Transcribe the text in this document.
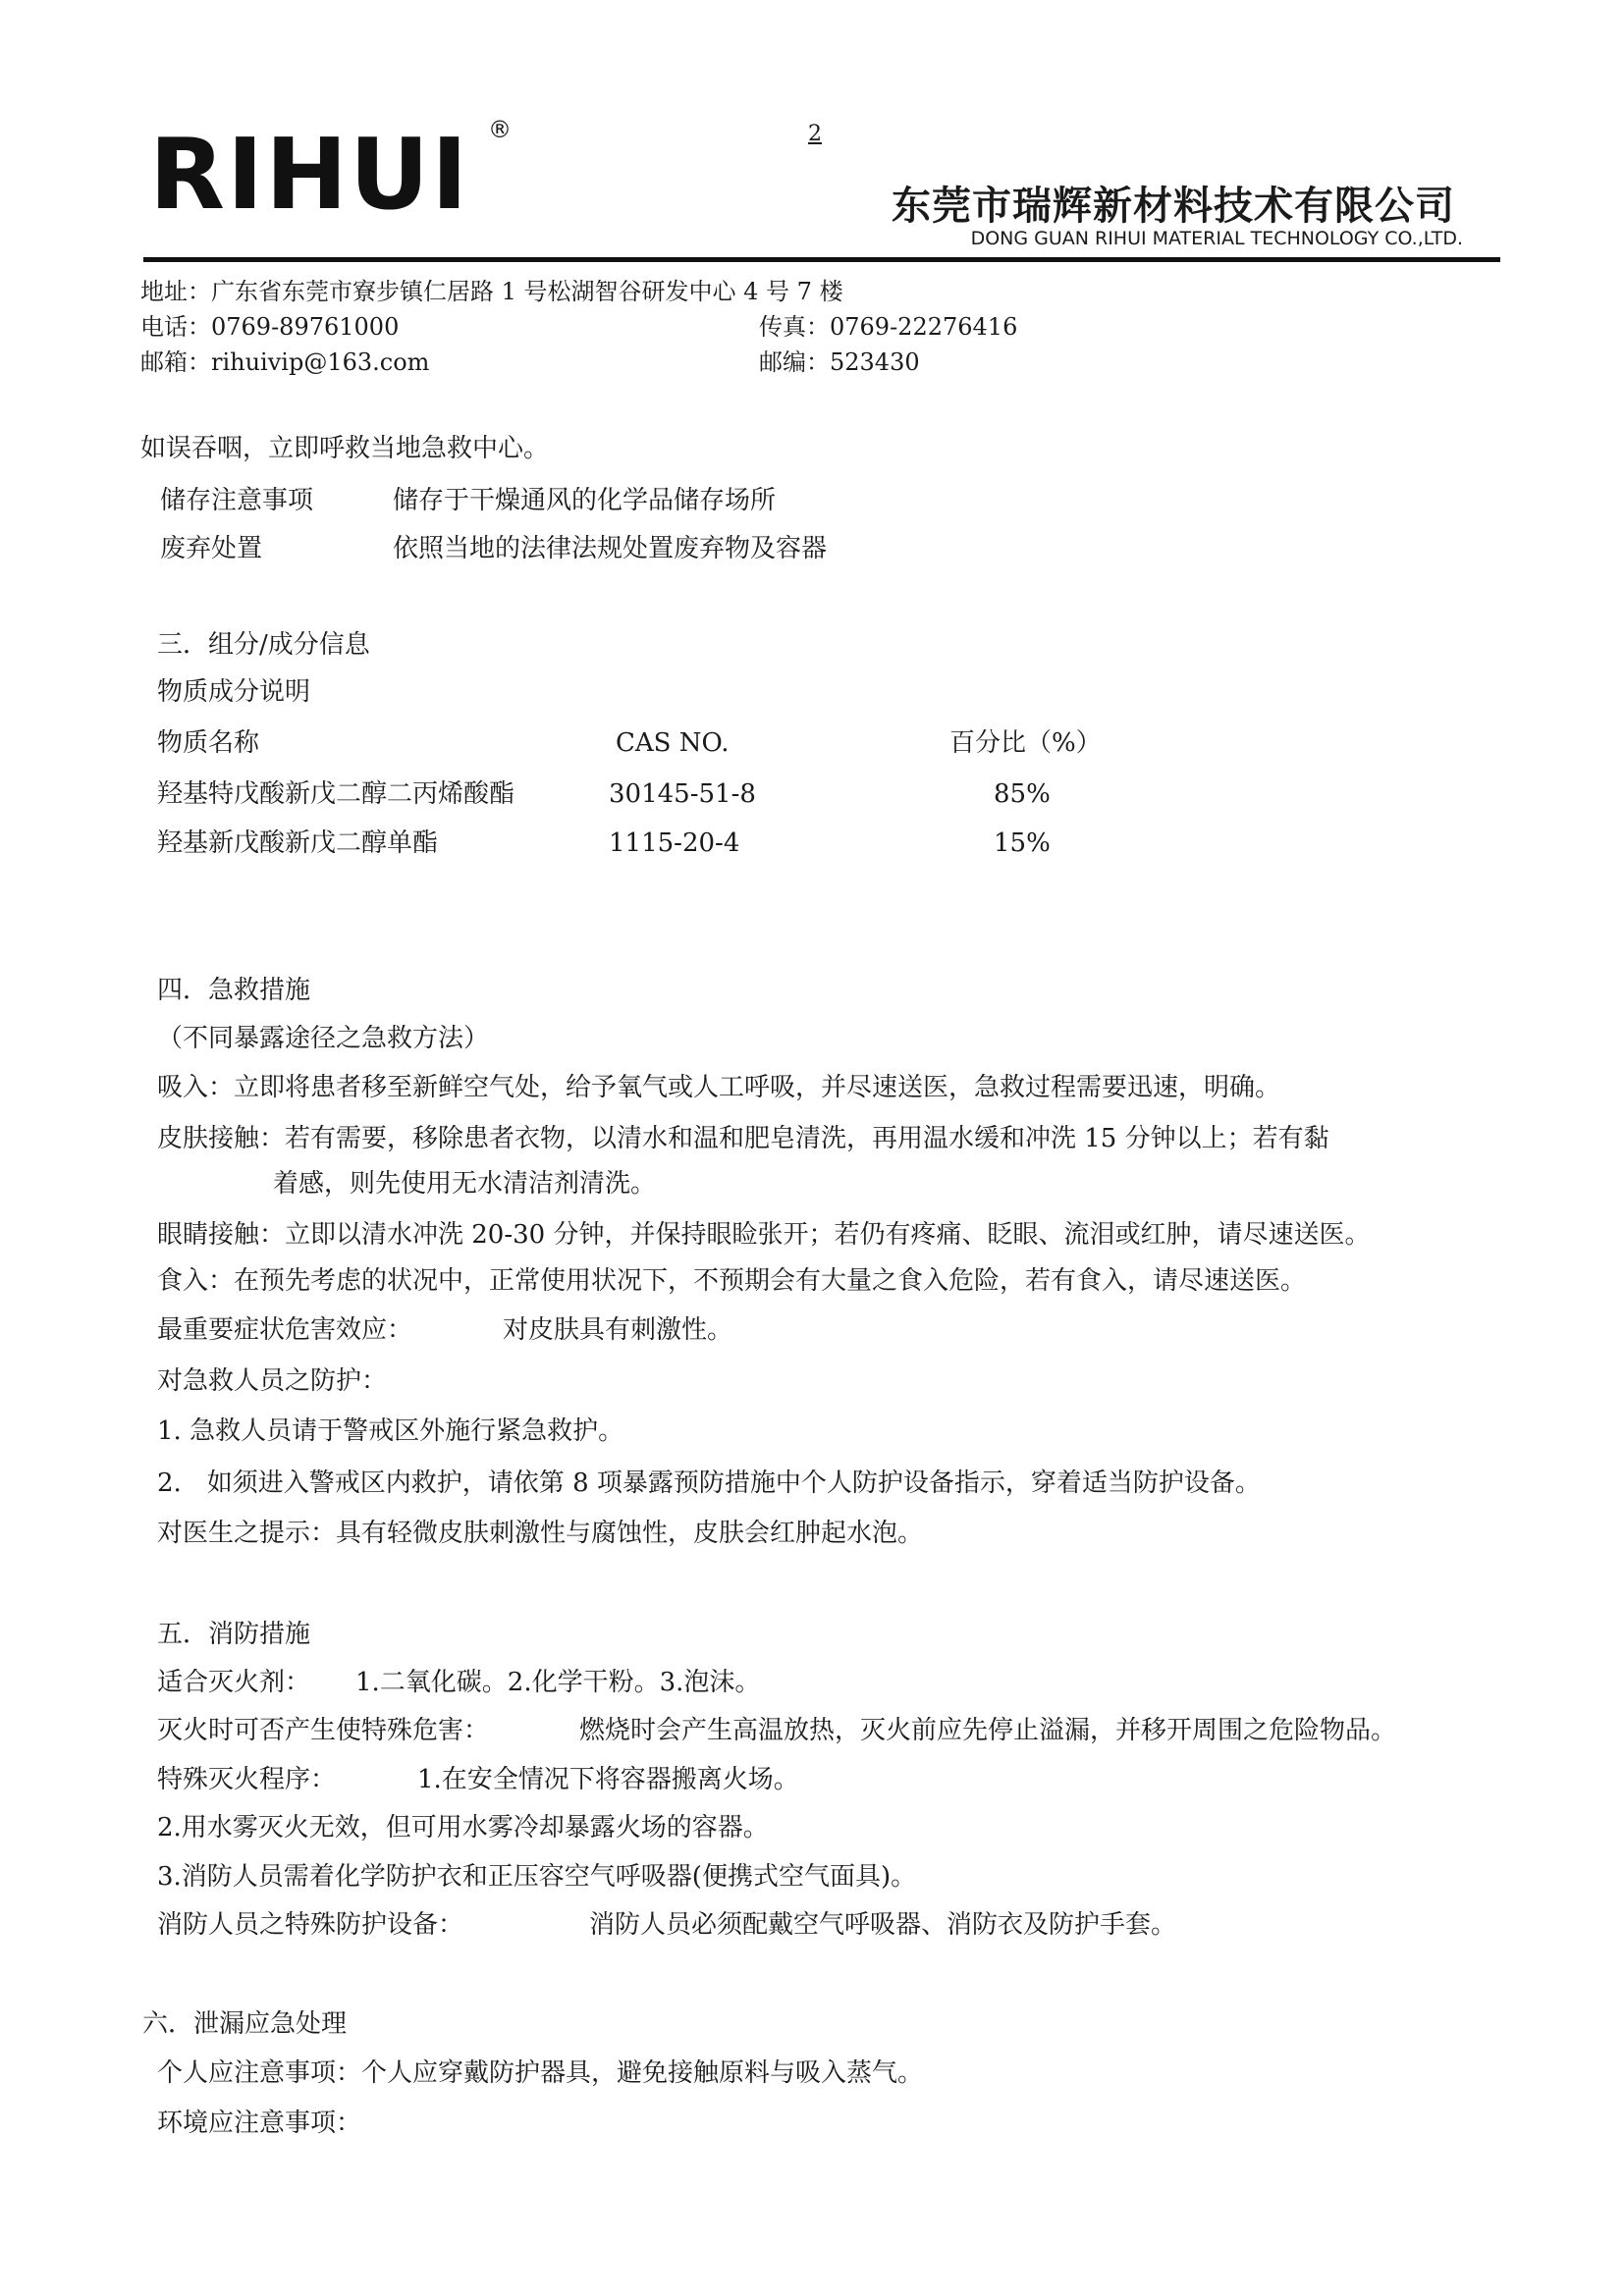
RIHUI ®	2
东莞市瑞辉新材料技术有限公司
DONG GUAN RIHUI MATERIAL TECHNOLOGY CO.,LTD.
地址：广东省东莞市寮步镇仁居路 1 号松湖智谷研发中心 4 号 7 楼
电话：0769-89761000	传真：0769-22276416
邮箱：rihuivip@163.com	邮编：523430
如误吞咽，立即呼救当地急救中心。
储存注意事项	储存于干燥通风的化学品储存场所
废弃处置	依照当地的法律法规处置废弃物及容器
三．组分/成分信息
物质成分说明
物质名称	CAS NO.	百分比（%）
羟基特戊酸新戊二醇二丙烯酸酯	30145-51-8	85%
羟基新戊酸新戊二醇单酯	1115-20-4	15%
四．急救措施
（不同暴露途径之急救方法）
吸入：立即将患者移至新鲜空气处，给予氧气或人工呼吸，并尽速送医，急救过程需要迅速，明确。
皮肤接触：若有需要，移除患者衣物，以清水和温和肥皂清洗，再用温水缓和冲洗 15 分钟以上；若有黏
着感，则先使用无水清洁剂清洗。
眼睛接触：立即以清水冲洗 20-30 分钟，并保持眼睑张开；若仍有疼痛、眨眼、流泪或红肿，请尽速送医。
食入：在预先考虑的状况中，正常使用状况下，不预期会有大量之食入危险，若有食入，请尽速送医。
最重要症状危害效应：	对皮肤具有刺激性。
对急救人员之防护：
1. 急救人员请于警戒区外施行紧急救护。
2.　如须进入警戒区内救护，请依第 8 项暴露预防措施中个人防护设备指示，穿着适当防护设备。
对医生之提示：具有轻微皮肤刺激性与腐蚀性，皮肤会红肿起水泡。
五．消防措施
适合灭火剂： 1.二氧化碳。2.化学干粉。3.泡沫。
灭火时可否产生使特殊危害：	燃烧时会产生高温放热，灭火前应先停止溢漏，并移开周围之危险物品。
特殊灭火程序：	1.在安全情况下将容器搬离火场。
2.用水雾灭火无效，但可用水雾冷却暴露火场的容器。
3.消防人员需着化学防护衣和正压容空气呼吸器(便携式空气面具)。
消防人员之特殊防护设备：	消防人员必须配戴空气呼吸器、消防衣及防护手套。
六．泄漏应急处理
个人应注意事项：个人应穿戴防护器具，避免接触原料与吸入蒸气。
环境应注意事项：
